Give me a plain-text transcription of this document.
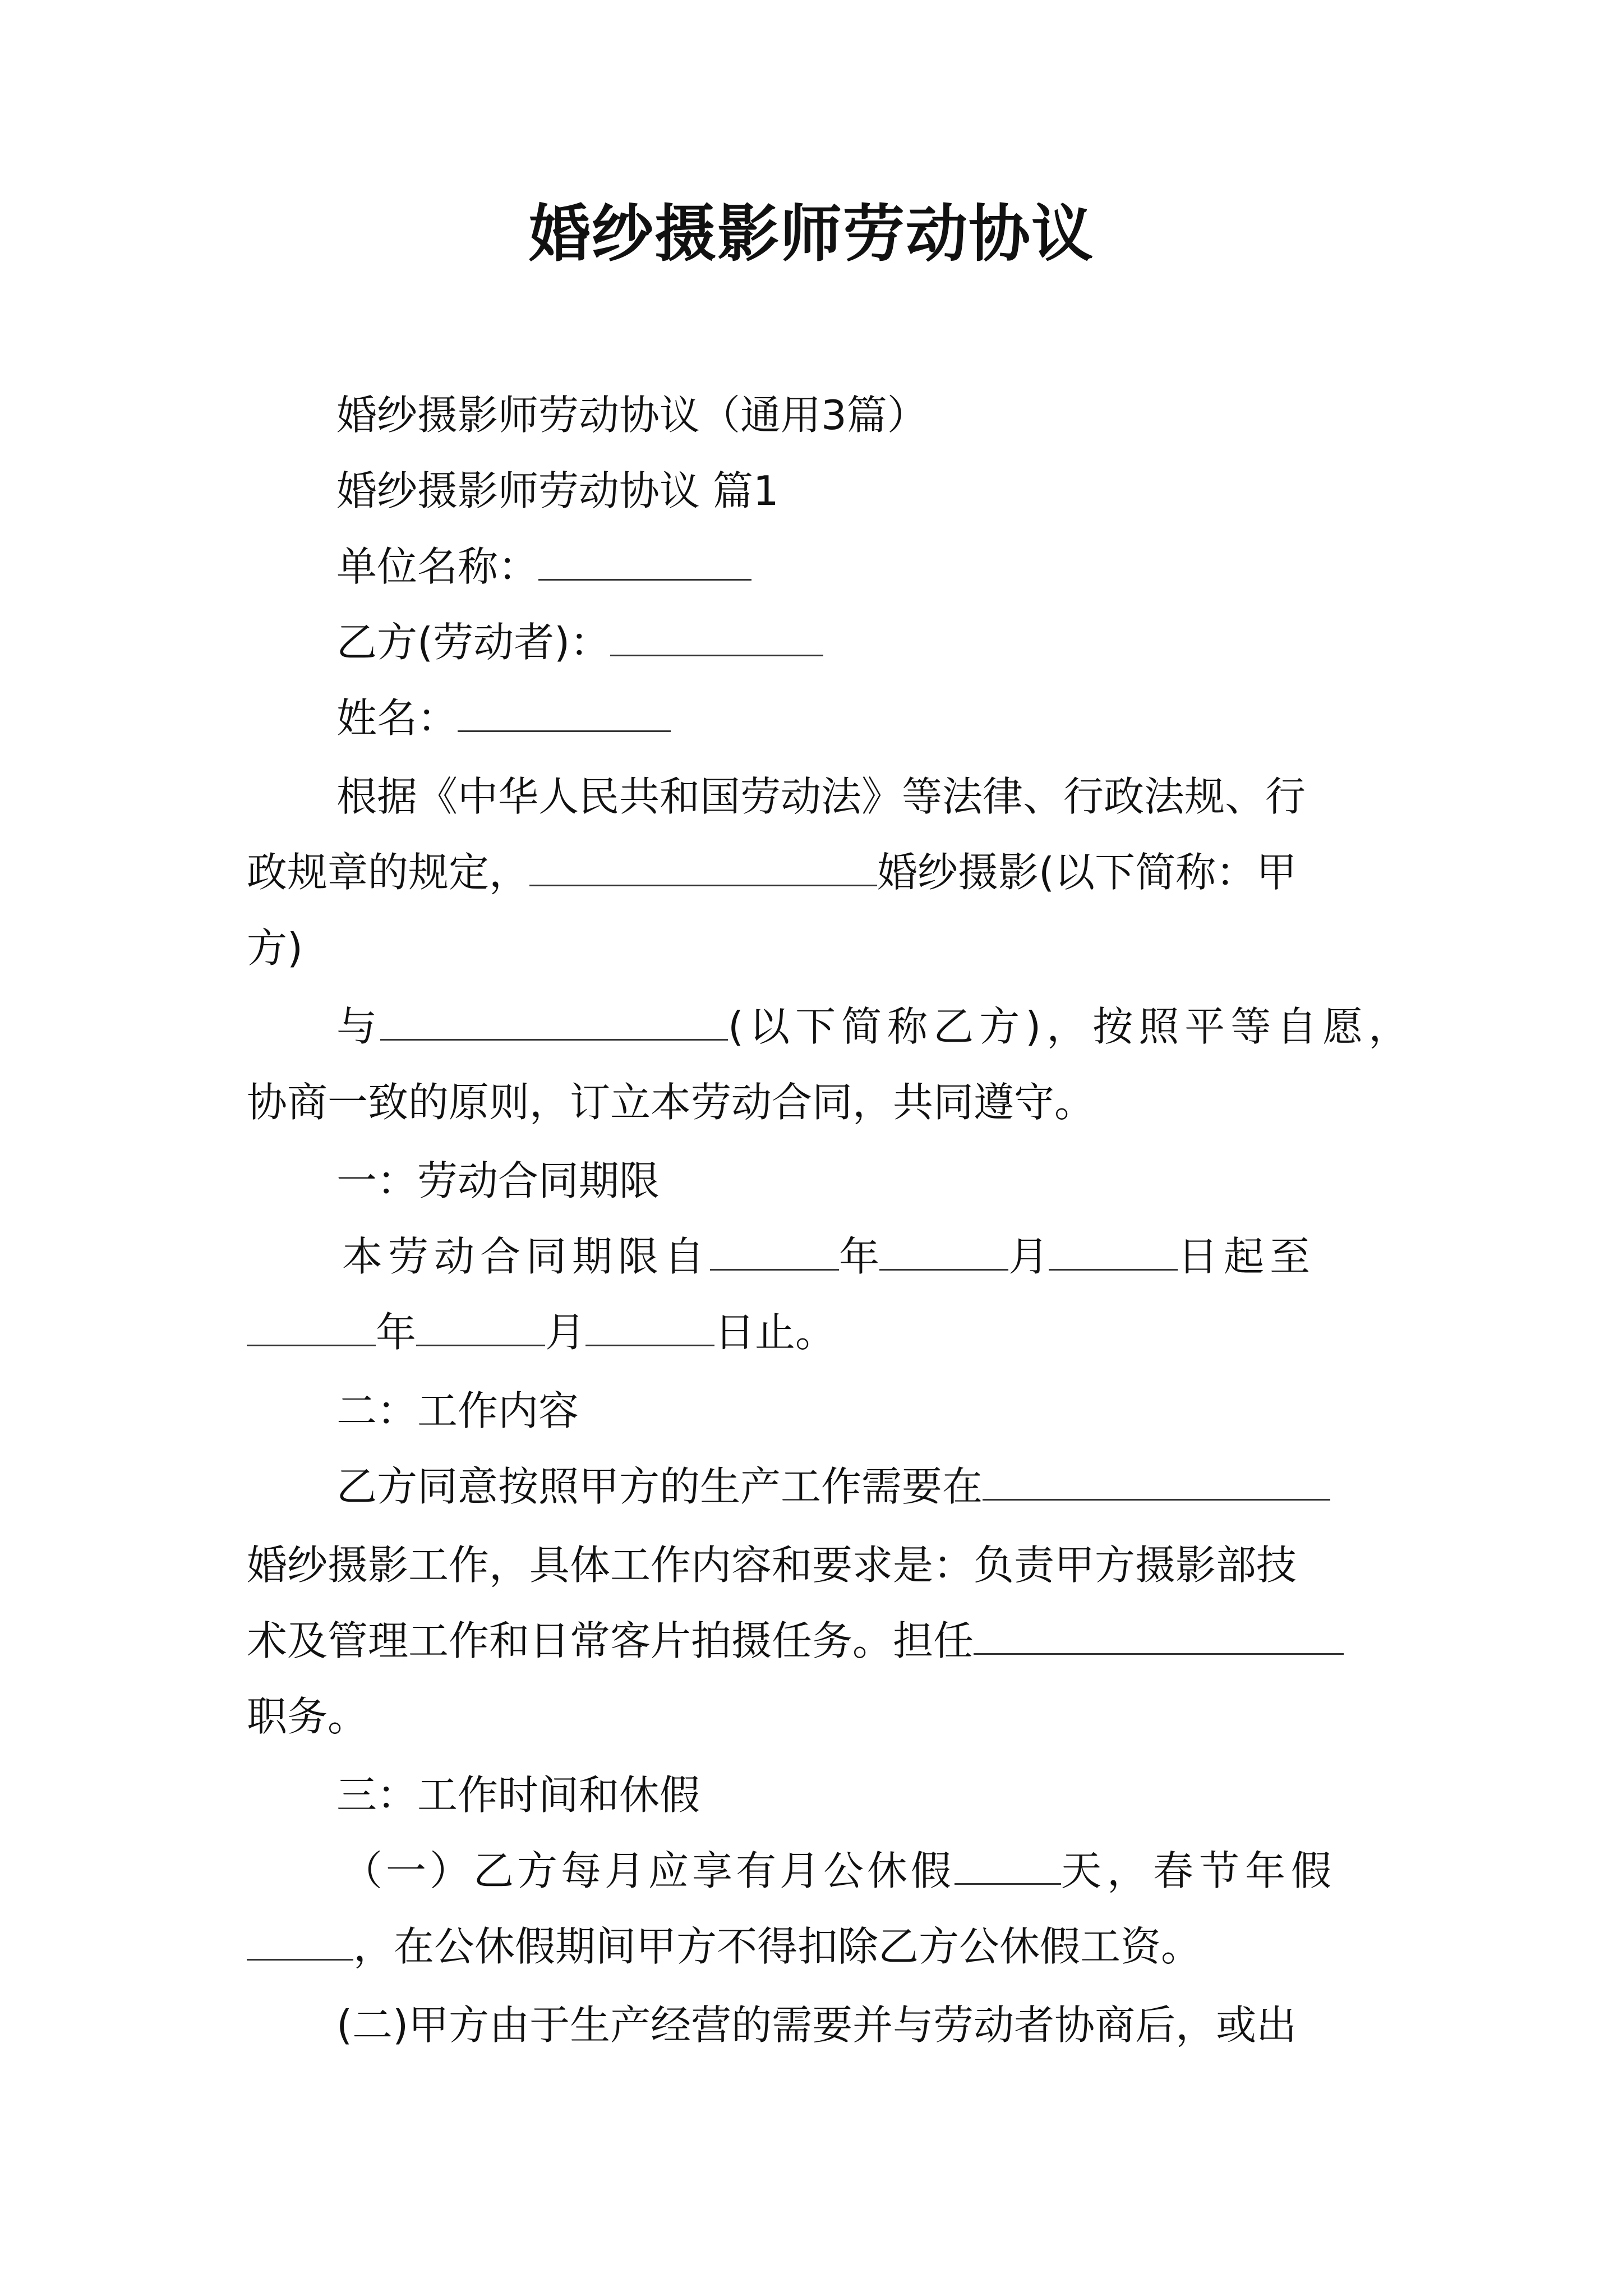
婚纱摄影师劳动协议

婚纱摄影师劳动协议（通用3篇）

婚纱摄影师劳动协议 篇1

单位名称：

乙方(劳动者)：

姓名：

根据《中华人民共和国劳动法》等法律、行政法规、行

政规章的规定，	婚纱摄影(以下简称：甲

方)

与	(以下简称乙方)，按照平等自愿，

协商一致的原则，订立本劳动合同，共同遵守。

一：劳动合同期限

本劳动合同期限自	年	月	日起至

年	月	日止。

二：工作内容

乙方同意按照甲方的生产工作需要在

婚纱摄影工作，具体工作内容和要求是：负责甲方摄影部技

术及管理工作和日常客片拍摄任务。担任

职务。

三：工作时间和休假

（一）乙方每月应享有月公休假	天，春节年假

，在公休假期间甲方不得扣除乙方公休假工资。

(二)甲方由于生产经营的需要并与劳动者协商后，或出
